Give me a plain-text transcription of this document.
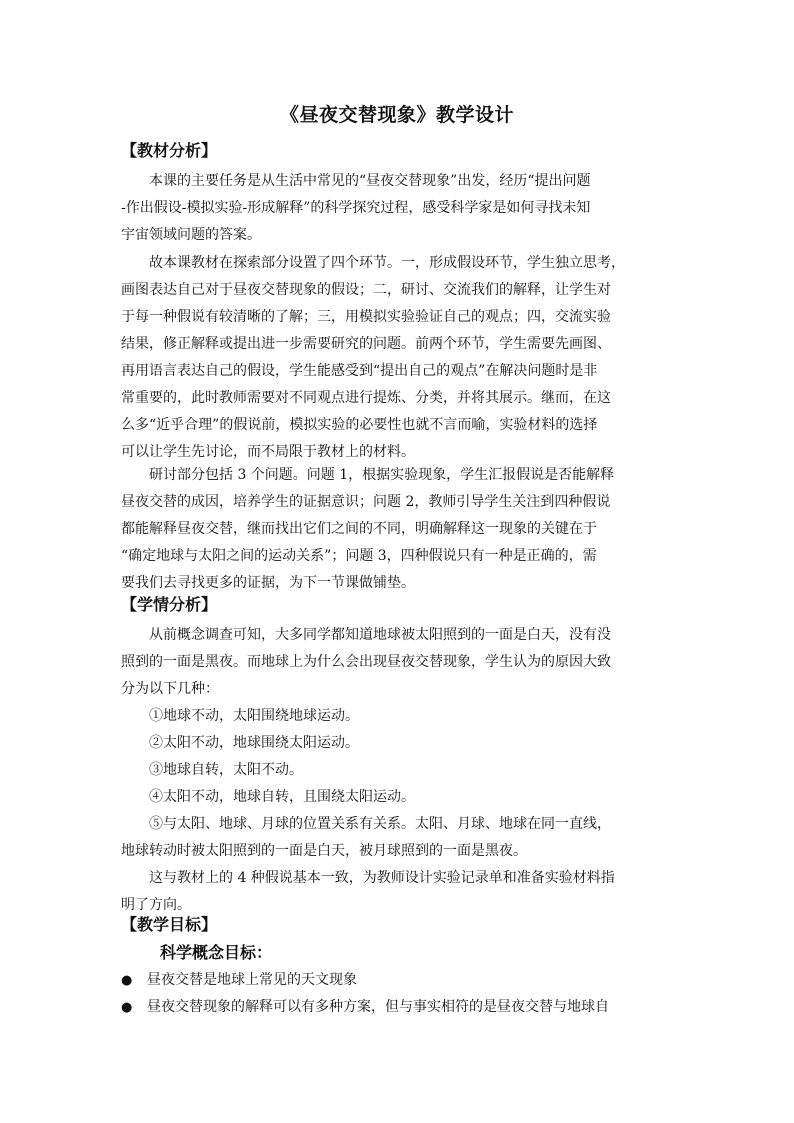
《昼夜交替现象》教学设计
【教材分析】
本课的主要任务是从生活中常见的“昼夜交替现象”出发，经历“提出问题
-作出假设-模拟实验-形成解释”的科学探究过程，感受科学家是如何寻找未知
宇宙领域问题的答案。
故本课教材在探索部分设置了四个环节。一，形成假设环节，学生独立思考，
画图表达自己对于昼夜交替现象的假设；二，研讨、交流我们的解释，让学生对
于每一种假说有较清晰的了解；三，用模拟实验验证自己的观点；四，交流实验
结果，修正解释或提出进一步需要研究的问题。前两个环节，学生需要先画图、
再用语言表达自己的假设，学生能感受到“提出自己的观点”在解决问题时是非
常重要的，此时教师需要对不同观点进行提炼、分类，并将其展示。继而，在这
么多“近乎合理”的假说前，模拟实验的必要性也就不言而喻，实验材料的选择
可以让学生先讨论，而不局限于教材上的材料。
研讨部分包括 3 个问题。问题 1，根据实验现象，学生汇报假说是否能解释
昼夜交替的成因，培养学生的证据意识；问题 2，教师引导学生关注到四种假说
都能解释昼夜交替，继而找出它们之间的不同，明确解释这一现象的关键在于
“确定地球与太阳之间的运动关系”；问题 3，四种假说只有一种是正确的，需
要我们去寻找更多的证据，为下一节课做铺垫。
【学情分析】
从前概念调查可知，大多同学都知道地球被太阳照到的一面是白天，没有没
照到的一面是黑夜。而地球上为什么会出现昼夜交替现象，学生认为的原因大致
分为以下几种：
①地球不动，太阳围绕地球运动。
②太阳不动，地球围绕太阳运动。
③地球自转，太阳不动。
④太阳不动，地球自转，且围绕太阳运动。
⑤与太阳、地球、月球的位置关系有关系。太阳、月球、地球在同一直线，
地球转动时被太阳照到的一面是白天，被月球照到的一面是黑夜。
这与教材上的 4 种假说基本一致，为教师设计实验记录单和准备实验材料指
明了方向。
【教学目标】
科学概念目标：
● 昼夜交替是地球上常见的天文现象
● 昼夜交替现象的解释可以有多种方案，但与事实相符的是昼夜交替与地球自
